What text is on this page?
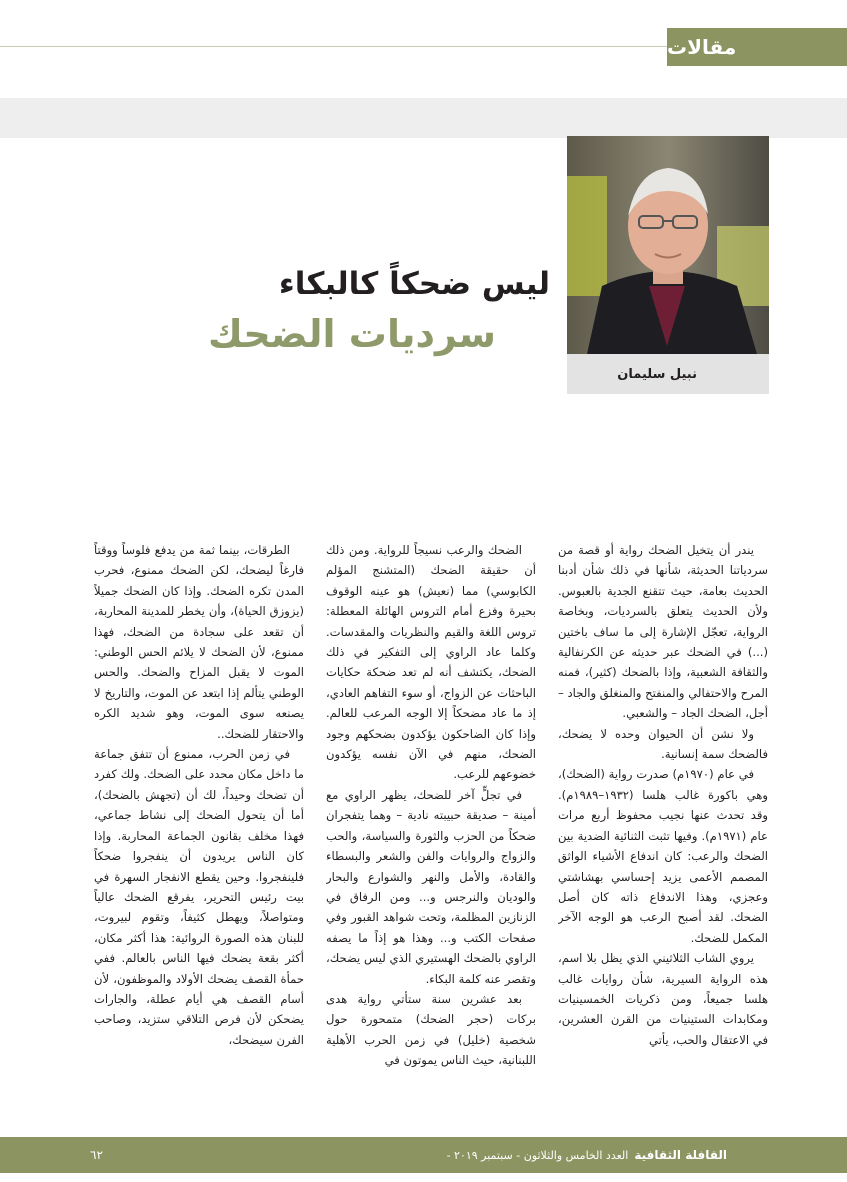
مقالات
نبيل سليمان
ليس ضحكاً كالبكاء
سرديات الضحك

يندر أن يتخيل الضحك رواية أو قصة من سردياتنا الحديثة، شأنها في ذلك شأن أدبنا الحديث بعامة، حيث تتقنع الجدية بالعبوس. ولأن الحديث يتعلق بالسرديات، وبخاصة الرواية، تعجّل الإشارة إلى ما ساف باختين (...) في الضحك عبر حديثه عن الكرنفالية والثقافة الشعبية، وإذا بالضحك (كثير)، فمنه المرح والاحتفالي والمنفتح والمنغلق والجاد – أجل، الضحك الجاد – والشعبي.

ولا نشن أن الحيوان وحده لا يضحك، فالضحك سمة إنسانية.

في عام (١٩٧٠م) صدرت رواية (الضحك)، وهي باكورة غالب هلسا (١٩٣٢–١٩٨٩م). وقد تحدث عنها نجيب محفوظ أربع مرات عام (١٩٧١م). وفيها تثبت الثنائية الضدية بين الضحك والرعب: كان اندفاع الأشياء الواثق المصمم الأعمى يزيد إحساسي بهشاشتي وعجزي، وهذا الاندفاع ذاته كان أصل الضحك. لقد أصبح الرعب هو الوجه الآخر المكمل للضحك.

يروي الشاب الثلاثيني الذي يظل بلا اسم، هذه الرواية السيرية، شأن روايات غالب هلسا جميعاً، ومن ذكريات الخمسينيات ومكابدات الستينيات من القرن العشرين، في الاعتقال والحب، يأتي

الضحك والرعب نسيجاً للرواية. ومن ذلك أن حقيقة الضحك (المتشنج المؤلم الكابوسي) مما (نعيش) هو عينه الوقوف بحيرة وفزع أمام التروس الهائلة المعطلة: تروس اللغة والقيم والنظريات والمقدسات. وكلما عاد الراوي إلى التفكير في ذلك الضحك، يكتشف أنه لم تعد ضحكة حكايات الباحثات عن الزواج، أو سوء التفاهم العادي، إذ ما عاد مضحكاً إلا الوجه المرعب للعالم. وإذا كان الضاحكون يؤكدون بضحكهم وجود الضحك، منهم في الآن نفسه يؤكدون خضوعهم للرعب.

في تجلٍّ آخر للضحك، يظهر الراوي مع أمينة – صديقة حبيبته نادية – وهما يتفجران ضحكاً من الحزب والثورة والسياسة، والحب والزواج والروايات والفن والشعر والبسطاء والقادة، والأمل والنهر والشوارع والبحار والوديان والنرجس و... ومن الرفاق في الزنازين المظلمة، وتحت شواهد القبور وفي صفحات الكتب و... وهذا هو إذاً ما يصفه الراوي بالضحك الهستيري الذي ليس يضحك، وتقصر عنه كلمة البكاء.

بعد عشرين سنة ستأتي رواية هدى بركات (حجر الضحك) متمحورة حول شخصية (خليل) في زمن الحرب الأهلية اللبنانية، حيث الناس يموتون في

الطرقات، بينما ثمة من يدفع فلوساً ووقتاً فارغاً ليضحك، لكن الضحك ممنوع، فحرب المدن تكره الضحك. وإذا كان الضحك جميلاً (يزوزق الحياة)، وأن يخطر للمدينة المحاربة، أن تقعد على سجادة من الضحك، فهذا ممنوع، لأن الضحك لا يلائم الحس الوطني: الموت لا يقبل المزاح والضحك. والحس الوطني يتألم إذا ابتعد عن الموت، والتاريخ لا يصنعه سوى الموت، وهو شديد الكره والاحتقار للضحك..

في زمن الحرب، ممنوع أن تتفق جماعة ما داخل مكان محدد على الضحك. ولك كفرد أن تضحك وحيداً، لك أن (تجهش بالضحك)، أما أن يتحول الضحك إلى نشاط جماعي، فهذا مخلف بقانون الجماعة المحاربة. وإذا كان الناس يريدون أن ينفجروا ضحكاً فلينفجروا. وحين يقطع الانفجار السهرة في بيت رئيس التحرير، يفرقع الضحك عالياً ومتواصلاً، ويهطل كثيفاً، وتقوم لبيروت، للبنان هذه الصورة الروائية: هذا أكثر مكان، أكثر بقعة يضحك فيها الناس بالعالم. ففي حمأة القصف يضحك الأولاد والموظفون، لأن أسام القصف هي أيام عطلة، والجارات يضحكن لأن فرص التلاقي ستزيد، وصاحب الفرن سيضحك،

القافلة الثقافية
العدد الخامس والثلاثون - سبتمبر ٢٠١٩ -
٦٢
